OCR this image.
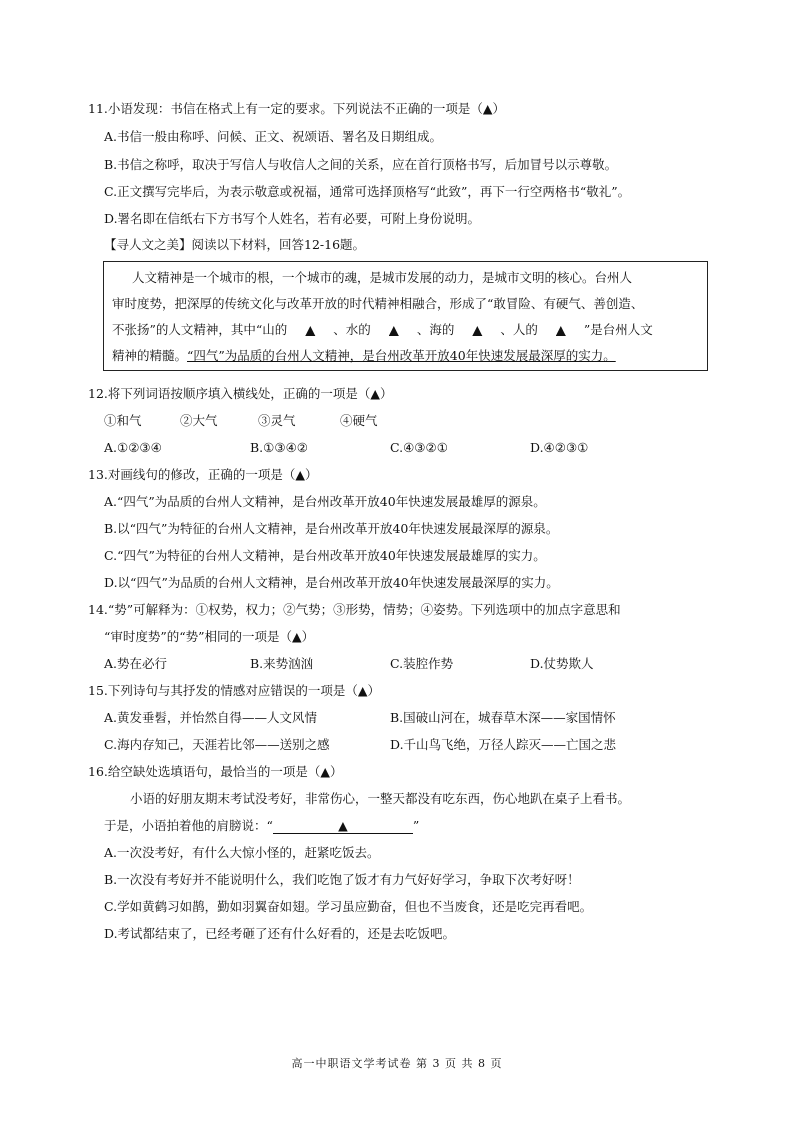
11.小语发现：书信在格式上有一定的要求。下列说法不正确的一项是（▲）
A.书信一般由称呼、问候、正文、祝颂语、署名及日期组成。
B.书信之称呼，取决于写信人与收信人之间的关系，应在首行顶格书写，后加冒号以示尊敬。
C.正文撰写完毕后，为表示敬意或祝福，通常可选择顶格写“此致”，再下一行空两格书“敬礼”。
D.署名即在信纸右下方书写个人姓名，若有必要，可附上身份说明。
【寻人文之美】阅读以下材料，回答12-16题。
人文精神是一个城市的根，一个城市的魂，是城市发展的动力，是城市文明的核心。台州人
审时度势，把深厚的传统文化与改革开放的时代精神相融合，形成了“敢冒险、有硬气、善创造、
不张扬”的人文精神，其中“山的 ▲ 、水的 ▲ 、海的 ▲ 、人的 ▲ ”是台州人文
精神的精髓。“四气”为品质的台州人文精神，是台州改革开放40年快速发展最深厚的实力。
12.将下列词语按顺序填入横线处，正确的一项是（▲）
①和气	②大气	③灵气	④硬气
A.①②③④	B.①③④②	C.④③②①	D.④②③①
13.对画线句的修改，正确的一项是（▲）
A.“四气”为品质的台州人文精神，是台州改革开放40年快速发展最雄厚的源泉。
B.以“四气”为特征的台州人文精神，是台州改革开放40年快速发展最深厚的源泉。
C.“四气”为特征的台州人文精神，是台州改革开放40年快速发展最雄厚的实力。
D.以“四气”为品质的台州人文精神，是台州改革开放40年快速发展最深厚的实力。
14.“势”可解释为：①权势，权力；②气势；③形势，情势；④姿势。下列选项中的加点字意思和
“审时度势”的“势”相同的一项是（▲）
A.势在必行	B.来势汹汹	C.装腔作势	D.仗势欺人
15.下列诗句与其抒发的情感对应错误的一项是（▲）
A.黄发垂髫，并怡然自得——人文风情	B.国破山河在，城春草木深——家国情怀
C.海内存知己，天涯若比邻——送别之感	D.千山鸟飞绝，万径人踪灭——亡国之悲
16.给空缺处选填语句，最恰当的一项是（▲）
小语的好朋友期末考试没考好，非常伤心，一整天都没有吃东西，伤心地趴在桌子上看书。
于是，小语拍着他的肩膀说：“	▲	”
A.一次没考好，有什么大惊小怪的，赶紧吃饭去。
B.一次没有考好并不能说明什么，我们吃饱了饭才有力气好好学习，争取下次考好呀！
C.学如黄鹤习如鹊，勤如羽翼奋如翅。学习虽应勤奋，但也不当废食，还是吃完再看吧。
D.考试都结束了，已经考砸了还有什么好看的，还是去吃饭吧。
高一中职语文学考试卷 第 3 页 共 8 页
